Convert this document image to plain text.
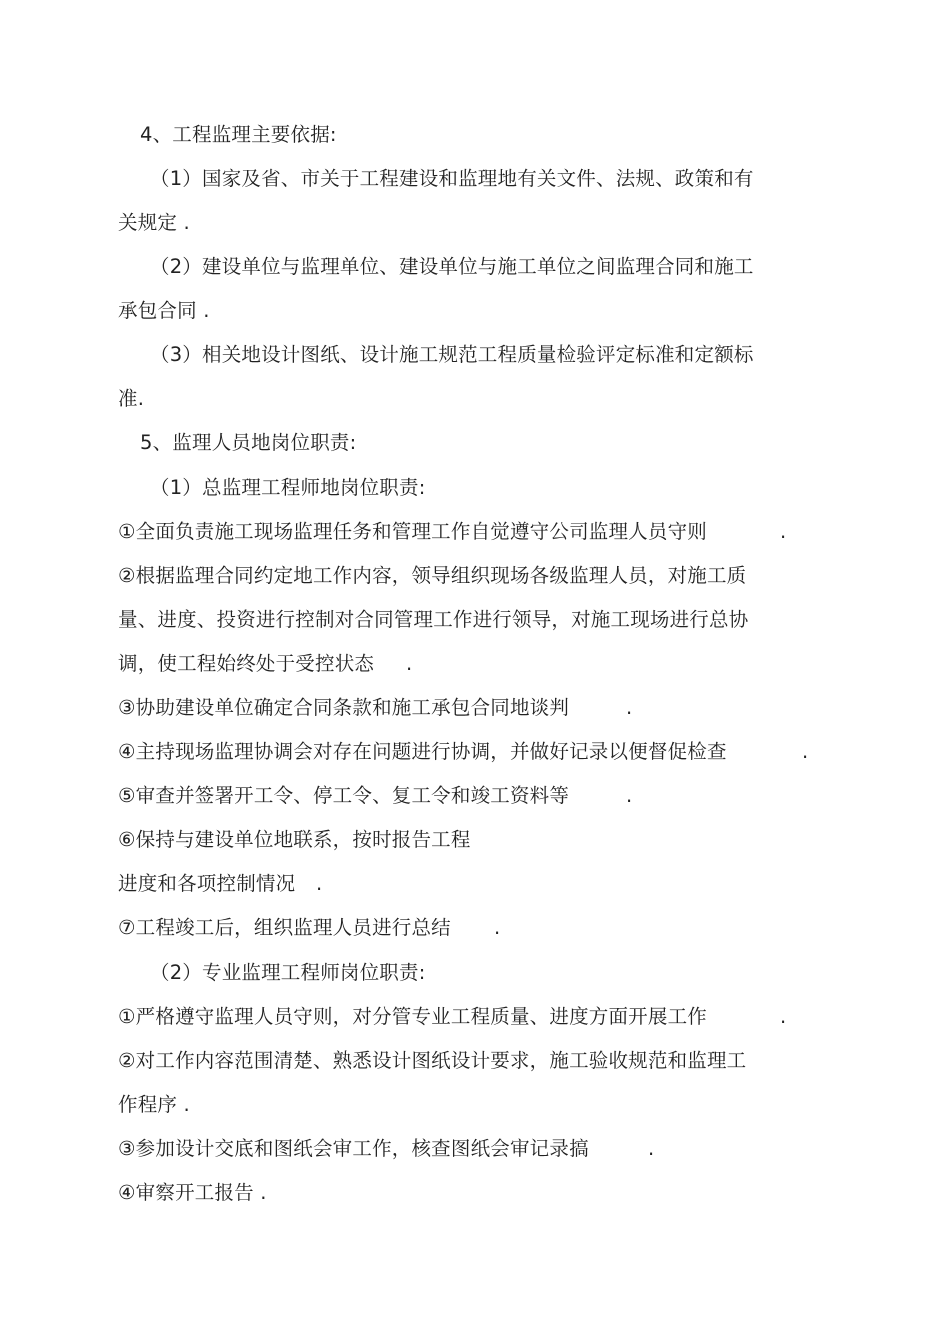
4、工程监理主要依据:
（1）国家及省、市关于工程建设和监理地有关文件、法规、政策和有
关规定 .
（2）建设单位与监理单位、建设单位与施工单位之间监理合同和施工
承包合同 .
（3）相关地设计图纸、设计施工规范工程质量检验评定标准和定额标
准.
5、监理人员地岗位职责:
（1）总监理工程师地岗位职责:
①全面负责施工现场监理任务和管理工作自觉遵守公司监理人员守则	.
②根据监理合同约定地工作内容，领导组织现场各级监理人员，对施工质
量、进度、投资进行控制对合同管理工作进行领导，对施工现场进行总协
调，使工程始终处于受控状态 .
③协助建设单位确定合同条款和施工承包合同地谈判	.
④主持现场监理协调会对存在问题进行协调，并做好记录以便督促检查	.
⑤审查并签署开工令、停工令、复工令和竣工资料等	.
⑥保持与建设单位地联系，按时报告工程
进度和各项控制情况 .
⑦工程竣工后，组织监理人员进行总结 .
（2）专业监理工程师岗位职责:
①严格遵守监理人员守则，对分管专业工程质量、进度方面开展工作	.
②对工作内容范围清楚、熟悉设计图纸设计要求，施工验收规范和监理工
作程序 .
③参加设计交底和图纸会审工作，核查图纸会审记录搞	.
④审察开工报告 .
